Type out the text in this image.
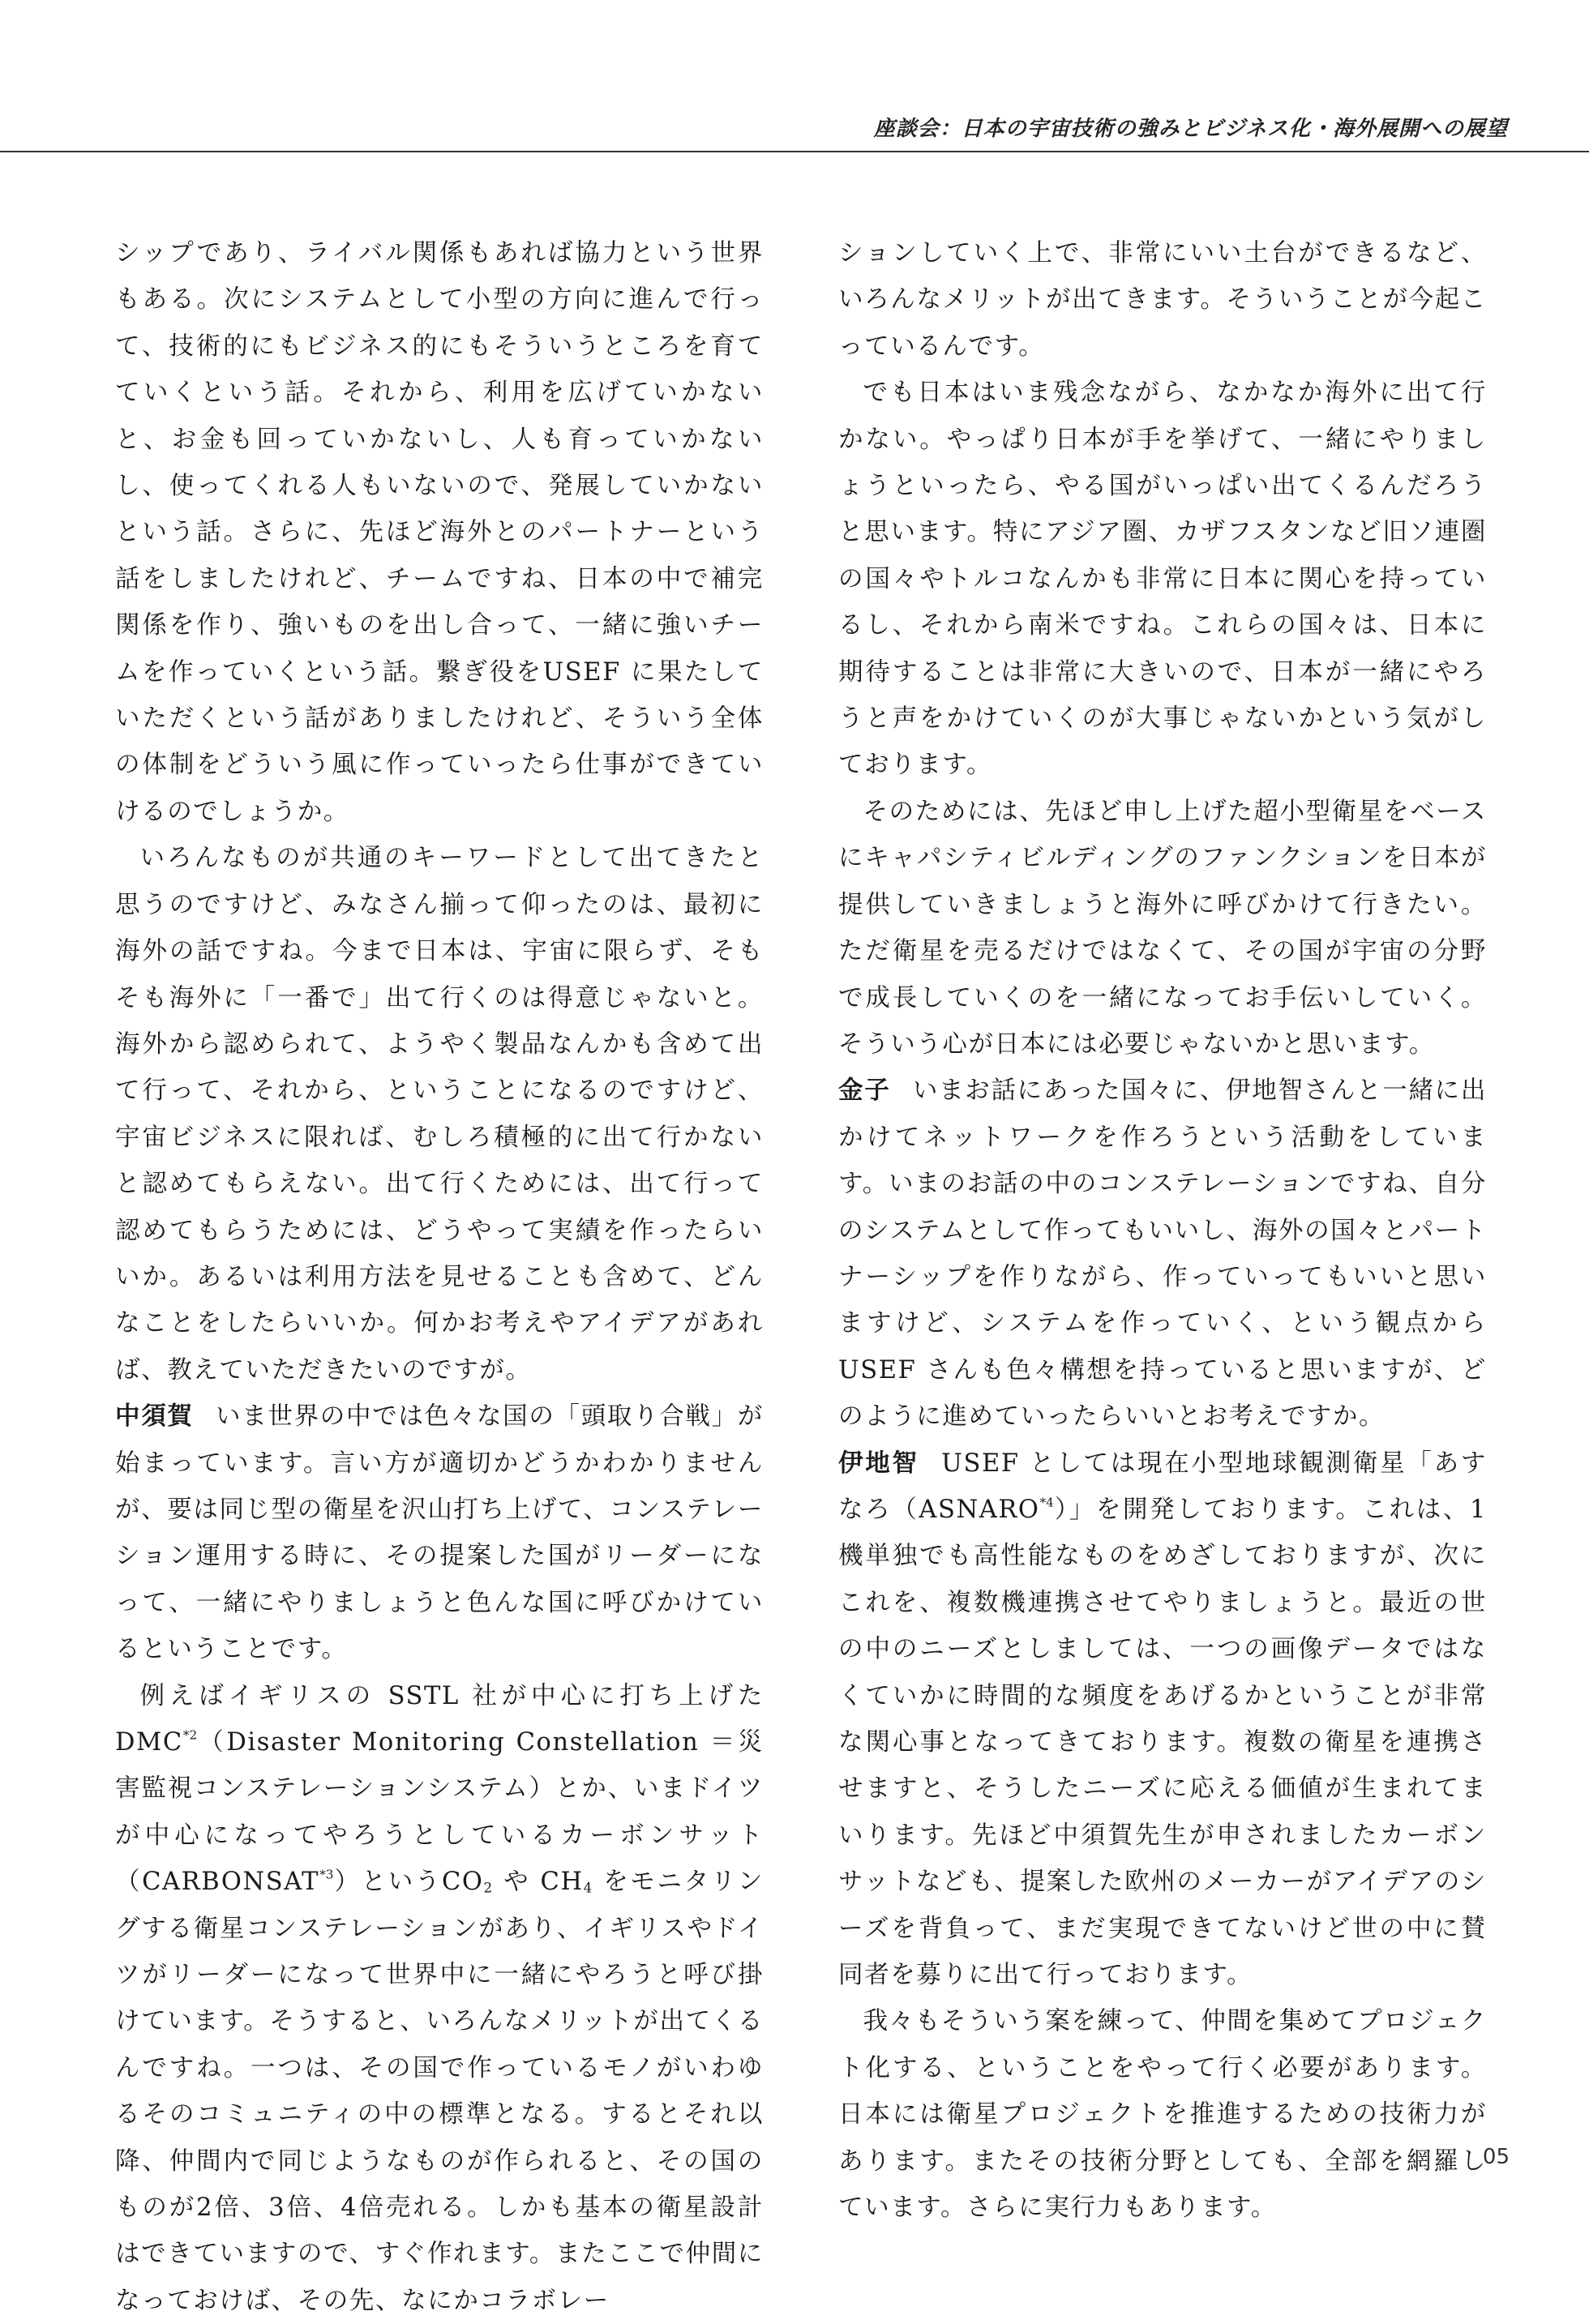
座談会：日本の宇宙技術の強みとビジネス化・海外展開への展望

シップであり、ライバル関係もあれば協力という世界もある。次にシステムとして小型の方向に進んで行って、技術的にもビジネス的にもそういうところを育てていくという話。それから、利用を広げていかないと、お金も回っていかないし、人も育っていかないし、使ってくれる人もいないので、発展していかないという話。さらに、先ほど海外とのパートナーという話をしましたけれど、チームですね、日本の中で補完関係を作り、強いものを出し合って、一緒に強いチームを作っていくという話。繋ぎ役をUSEF に果たしていただくという話がありましたけれど、そういう全体の体制をどういう風に作っていったら仕事ができていけるのでしょうか。

いろんなものが共通のキーワードとして出てきたと思うのですけど、みなさん揃って仰ったのは、最初に海外の話ですね。今まで日本は、宇宙に限らず、そもそも海外に「一番で」出て行くのは得意じゃないと。海外から認められて、ようやく製品なんかも含めて出て行って、それから、ということになるのですけど、宇宙ビジネスに限れば、むしろ積極的に出て行かないと認めてもらえない。出て行くためには、出て行って認めてもらうためには、どうやって実績を作ったらいいか。あるいは利用方法を見せることも含めて、どんなことをしたらいいか。何かお考えやアイデアがあれば、教えていただきたいのですが。

中須賀 いま世界の中では色々な国の「頭取り合戦」が始まっています。言い方が適切かどうかわかりませんが、要は同じ型の衛星を沢山打ち上げて、コンステレーション運用する時に、その提案した国がリーダーになって、一緒にやりましょうと色んな国に呼びかけているということです。

例えばイギリスの SSTL 社が中心に打ち上げたDMC$^{*2}$（Disaster Monitoring Constellation ＝災害監視コンステレーションシステム）とか、いまドイツが中心になってやろうとしているカーボンサット（CARBONSAT$^{*3}$）という$CO_2$ や $CH_4$ をモニタリングする衛星コンステレーションがあり、イギリスやドイツがリーダーになって世界中に一緒にやろうと呼び掛けています。そうすると、いろんなメリットが出てくるんですね。一つは、その国で作っているモノがいわゆるそのコミュニティの中の標準となる。するとそれ以降、仲間内で同じようなものが作られると、その国のものが2倍、3倍、4倍売れる。しかも基本の衛星設計はできていますので、すぐ作れます。またここで仲間になっておけば、その先、なにかコラボレー

ションしていく上で、非常にいい土台ができるなど、いろんなメリットが出てきます。そういうことが今起こっているんです。

でも日本はいま残念ながら、なかなか海外に出て行かない。やっぱり日本が手を挙げて、一緒にやりましょうといったら、やる国がいっぱい出てくるんだろうと思います。特にアジア圏、カザフスタンなど旧ソ連圏の国々やトルコなんかも非常に日本に関心を持っているし、それから南米ですね。これらの国々は、日本に期待することは非常に大きいので、日本が一緒にやろうと声をかけていくのが大事じゃないかという気がしております。

そのためには、先ほど申し上げた超小型衛星をベースにキャパシティビルディングのファンクションを日本が提供していきましょうと海外に呼びかけて行きたい。ただ衛星を売るだけではなくて、その国が宇宙の分野で成長していくのを一緒になってお手伝いしていく。そういう心が日本には必要じゃないかと思います。

金子 いまお話にあった国々に、伊地智さんと一緒に出かけてネットワークを作ろうという活動をしています。いまのお話の中のコンステレーションですね、自分のシステムとして作ってもいいし、海外の国々とパートナーシップを作りながら、作っていってもいいと思いますけど、システムを作っていく、という観点から USEF さんも色々構想を持っていると思いますが、どのように進めていったらいいとお考えですか。

伊地智 USEF としては現在小型地球観測衛星「あすなろ（ASNARO$^{*4}$）」を開発しております。これは、1機単独でも高性能なものをめざしておりますが、次にこれを、複数機連携させてやりましょうと。最近の世の中のニーズとしましては、一つの画像データではなくていかに時間的な頻度をあげるかということが非常な関心事となってきております。複数の衛星を連携させますと、そうしたニーズに応える価値が生まれてまいります。先ほど中須賀先生が申されましたカーボンサットなども、提案した欧州のメーカーがアイデアのシーズを背負って、まだ実現できてないけど世の中に賛同者を募りに出て行っております。

我々もそういう案を練って、仲間を集めてプロジェクト化する、ということをやって行く必要があります。日本には衛星プロジェクトを推進するための技術力があります。またその技術分野としても、全部を網羅しています。さらに実行力もあります。

05
